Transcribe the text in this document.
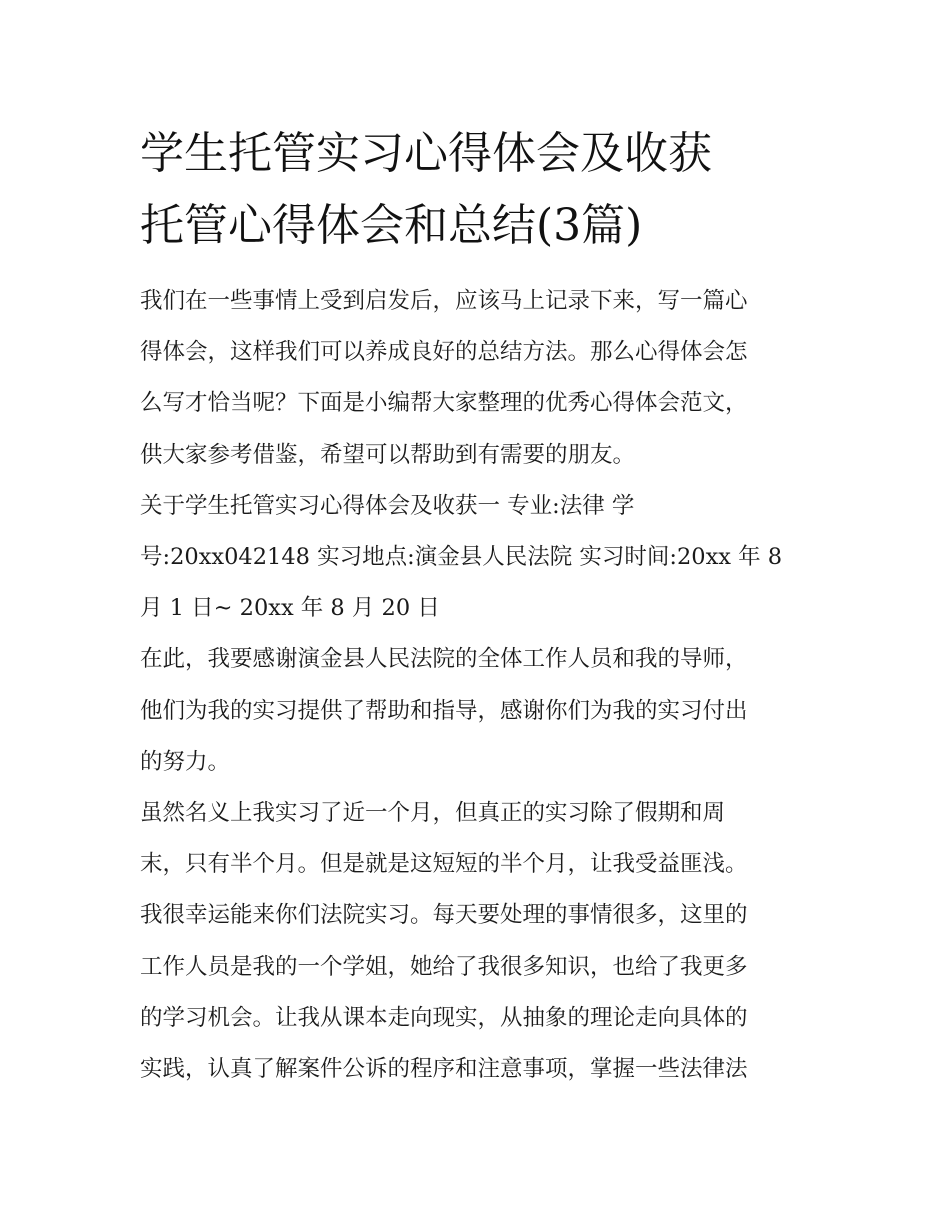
学生托管实习心得体会及收获
托管心得体会和总结(3篇)

我们在一些事情上受到启发后，应该马上记录下来，写一篇心
得体会，这样我们可以养成良好的总结方法。那么心得体会怎
么写才恰当呢？下面是小编帮大家整理的优秀心得体会范文，
供大家参考借鉴，希望可以帮助到有需要的朋友。

关于学生托管实习心得体会及收获一 专业:法律 学
号:20xx042148 实习地点:演金县人民法院 实习时间:20xx 年 8
月 1 日~ 20xx 年 8 月 20 日

在此，我要感谢演金县人民法院的全体工作人员和我的导师，
他们为我的实习提供了帮助和指导，感谢你们为我的实习付出
的努力。

虽然名义上我实习了近一个月，但真正的实习除了假期和周
末，只有半个月。但是就是这短短的半个月，让我受益匪浅。
我很幸运能来你们法院实习。每天要处理的事情很多，这里的
工作人员是我的一个学姐，她给了我很多知识，也给了我更多
的学习机会。让我从课本走向现实，从抽象的理论走向具体的
实践，认真了解案件公诉的程序和注意事项，掌握一些法律法
